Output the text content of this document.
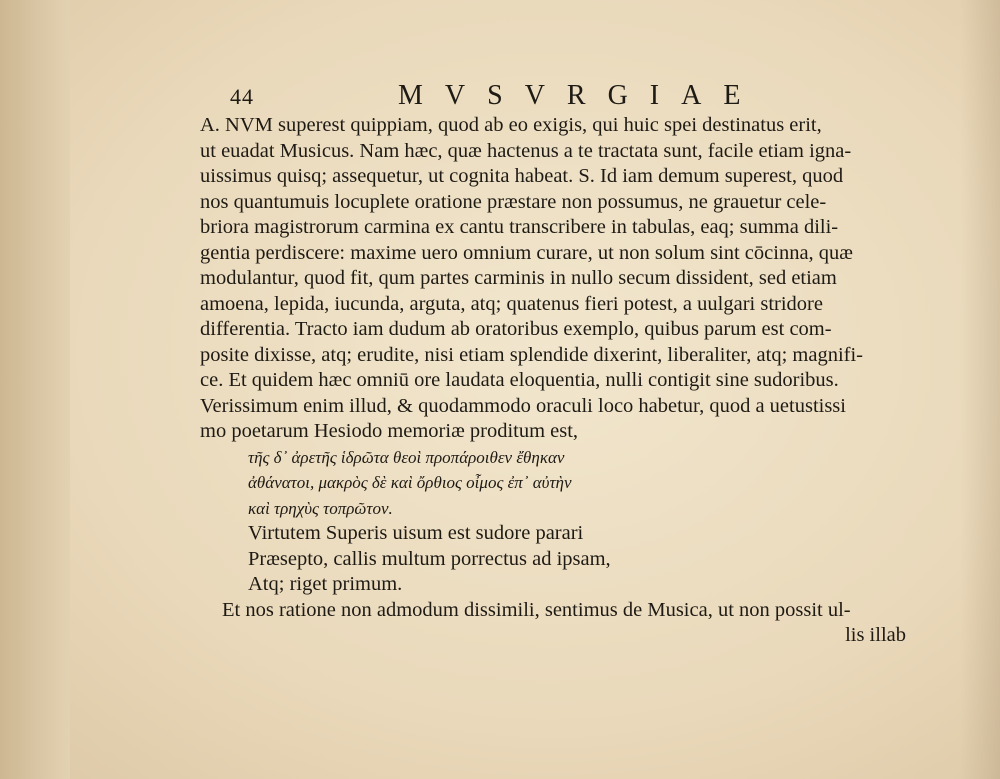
44	MVSVRGIAE
A. NVM superest quippiam, quod ab eo exigis, qui huic spei destinatus erit,
ut euadat Musicus. Nam hæc, quæ hactenus a te tractata sunt, facile etiam igna-
uissimus quisq; assequetur, ut cognita habeat. S. Id iam demum superest, quod
nos quantumuis locuplete oratione præstare non possumus, ne grauetur cele-
briora magistrorum carmina ex cantu transcribere in tabulas, eaq; summa dili-
gentia perdiscere: maxime uero omnium curare, ut non solum sint cōcinna, quæ
modulantur, quod fit, qum partes carminis in nullo secum dissident, sed etiam
amoena, lepida, iucunda, arguta, atq; quatenus fieri potest, a uulgari stridore
differentia. Tracto iam dudum ab oratoribus exemplo, quibus parum est com-
posite dixisse, atq; erudite, nisi etiam splendide dixerint, liberaliter, atq; magnifi-
ce. Et quidem hæc omniū ore laudata eloquentia, nulli contigit sine sudoribus.
Verissimum enim illud, & quodammodo oraculi loco habetur, quod a uetustissi
mo poetarum Hesiodo memoriæ proditum est,
τῆς δ᾽ ἀρετῆς ἱδρῶτα θεοὶ προπάροιθεν ἔθηκαν
ἀθάνατοι, μακρὸς δὲ καὶ ὄρθιος οἶμος ἐπ᾽ αὐτὴν
καὶ τρηχὺς τοπρῶτον.
Virtutem Superis uisum est sudore parari
Præsepto, callis multum porrectus ad ipsam,
Atq; riget primum.
Et nos ratione non admodum dissimili, sentimus de Musica, ut non possit ul-
lis illab
